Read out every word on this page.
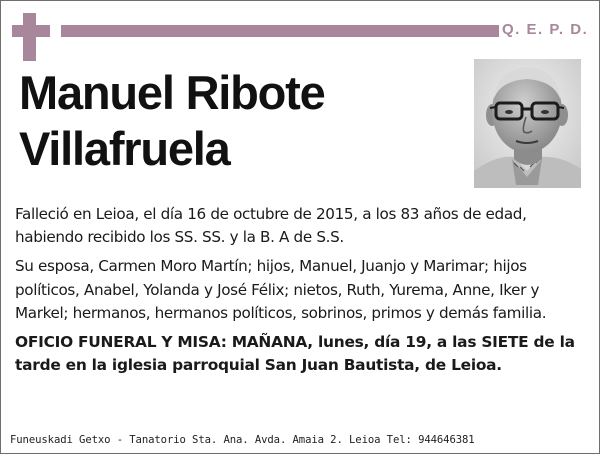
Q. E. P. D.
Manuel Ribote
Villafruela

Falleció en Leioa, el día 16 de octubre de 2015, a los 83 años de edad, habiendo recibido los SS. SS. y la B. A de S.S.

Su esposa, Carmen Moro Martín; hijos, Manuel, Juanjo y Marimar; hijos políticos, Anabel, Yolanda y José Félix; nietos, Ruth, Yurema, Anne, Iker y Markel; hermanos, hermanos políticos, sobrinos, primos y demás familia.

OFICIO FUNERAL Y MISA: MAÑANA, lunes, día 19, a las SIETE de la tarde en la iglesia parroquial San Juan Bautista, de Leioa.

Funeuskadi Getxo - Tanatorio Sta. Ana. Avda. Amaia 2. Leioa Tel: 944646381
